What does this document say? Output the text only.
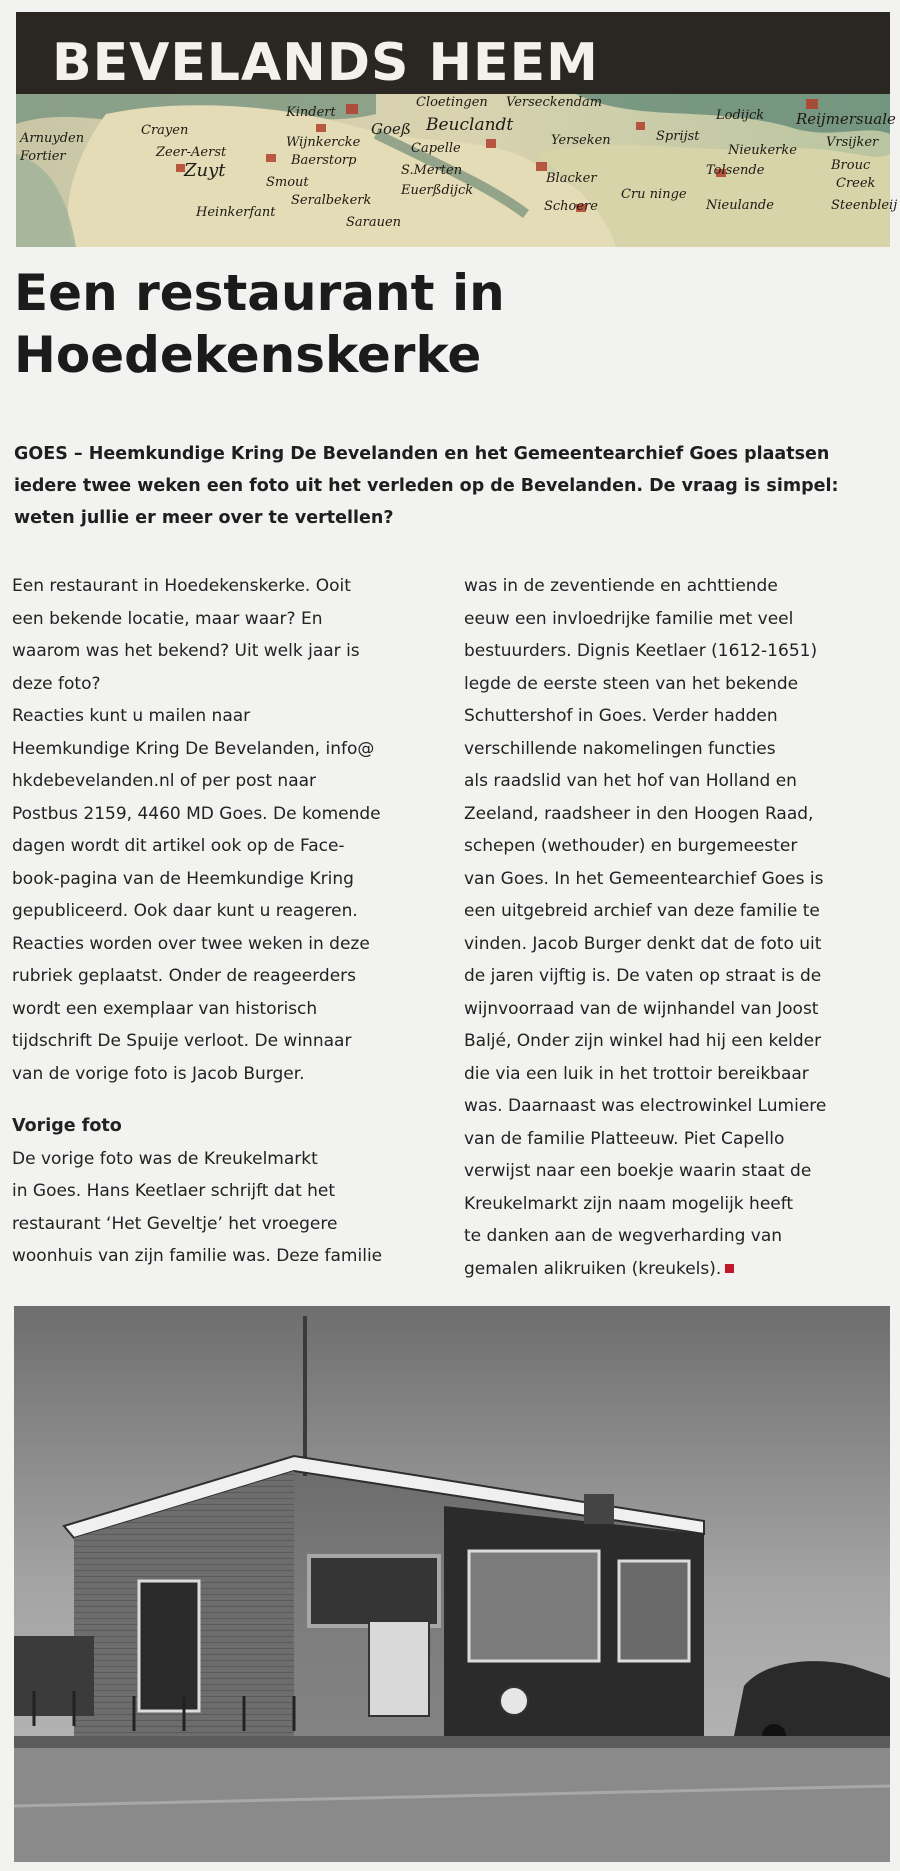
BEVELANDS HEEM
Arnuyden
Fortier
Crayen
Kindert
Goeß
Cloetingen Verseckendam
Beuclandt
Zeer-Aerst
Wijnkercke
Zuyt	Baerstorp
Capelle
S.Merten
Yerseken
Smout
Seralbekerk
Euerßdijck
Blacker
Heinkerfant
Sarauen
Schoere
Cru ninge
Lodijck Reijmersuale
Vrsijker
Nieukerke
Tolsende	Brouc
Creek
Nieulande	Steenbleij
Sprijst
Een restaurant in
Hoedekenskerke

GOES – Heemkundige Kring De Bevelanden en het Gemeentearchief Goes plaatsen iedere twee weken een foto uit het verleden op de Bevelanden. De vraag is simpel: weten jullie er meer over te vertellen?

Een restaurant in Hoedekenskerke. Ooit
een bekende locatie, maar waar? En
waarom was het bekend? Uit welk jaar is
deze foto?
Reacties kunt u mailen naar
Heemkundige Kring De Bevelanden, info@
hkdebevelanden.nl of per post naar
Postbus 2159, 4460 MD Goes. De komende
dagen wordt dit artikel ook op de Face-
book-pagina van de Heemkundige Kring
gepubliceerd. Ook daar kunt u reageren.
Reacties worden over twee weken in deze
rubriek geplaatst. Onder de reageerders
wordt een exemplaar van historisch
tijdschrift De Spuije verloot. De winnaar
van de vorige foto is Jacob Burger.

Vorige foto

De vorige foto was de Kreukelmarkt
in Goes. Hans Keetlaer schrijft dat het
restaurant ‘Het Geveltje’ het vroegere
woonhuis van zijn familie was. Deze familie

was in de zeventiende en achttiende
eeuw een invloedrijke familie met veel
bestuurders. Dignis Keetlaer (1612-1651)
legde de eerste steen van het bekende
Schuttershof in Goes. Verder hadden
verschillende nakomelingen functies
als raadslid van het hof van Holland en
Zeeland, raadsheer in den Hoogen Raad,
schepen (wethouder) en burgemeester
van Goes. In het Gemeentearchief Goes is
een uitgebreid archief van deze familie te
vinden. Jacob Burger denkt dat de foto uit
de jaren vijftig is. De vaten op straat is de
wijnvoorraad van de wijnhandel van Joost
Baljé, Onder zijn winkel had hij een kelder
die via een luik in het trottoir bereikbaar
was. Daarnaast was electrowinkel Lumiere
van de familie Platteeuw. Piet Capello
verwijst naar een boekje waarin staat de
Kreukelmarkt zijn naam mogelijk heeft
te danken aan de wegverharding van
gemalen alikruiken (kreukels).
